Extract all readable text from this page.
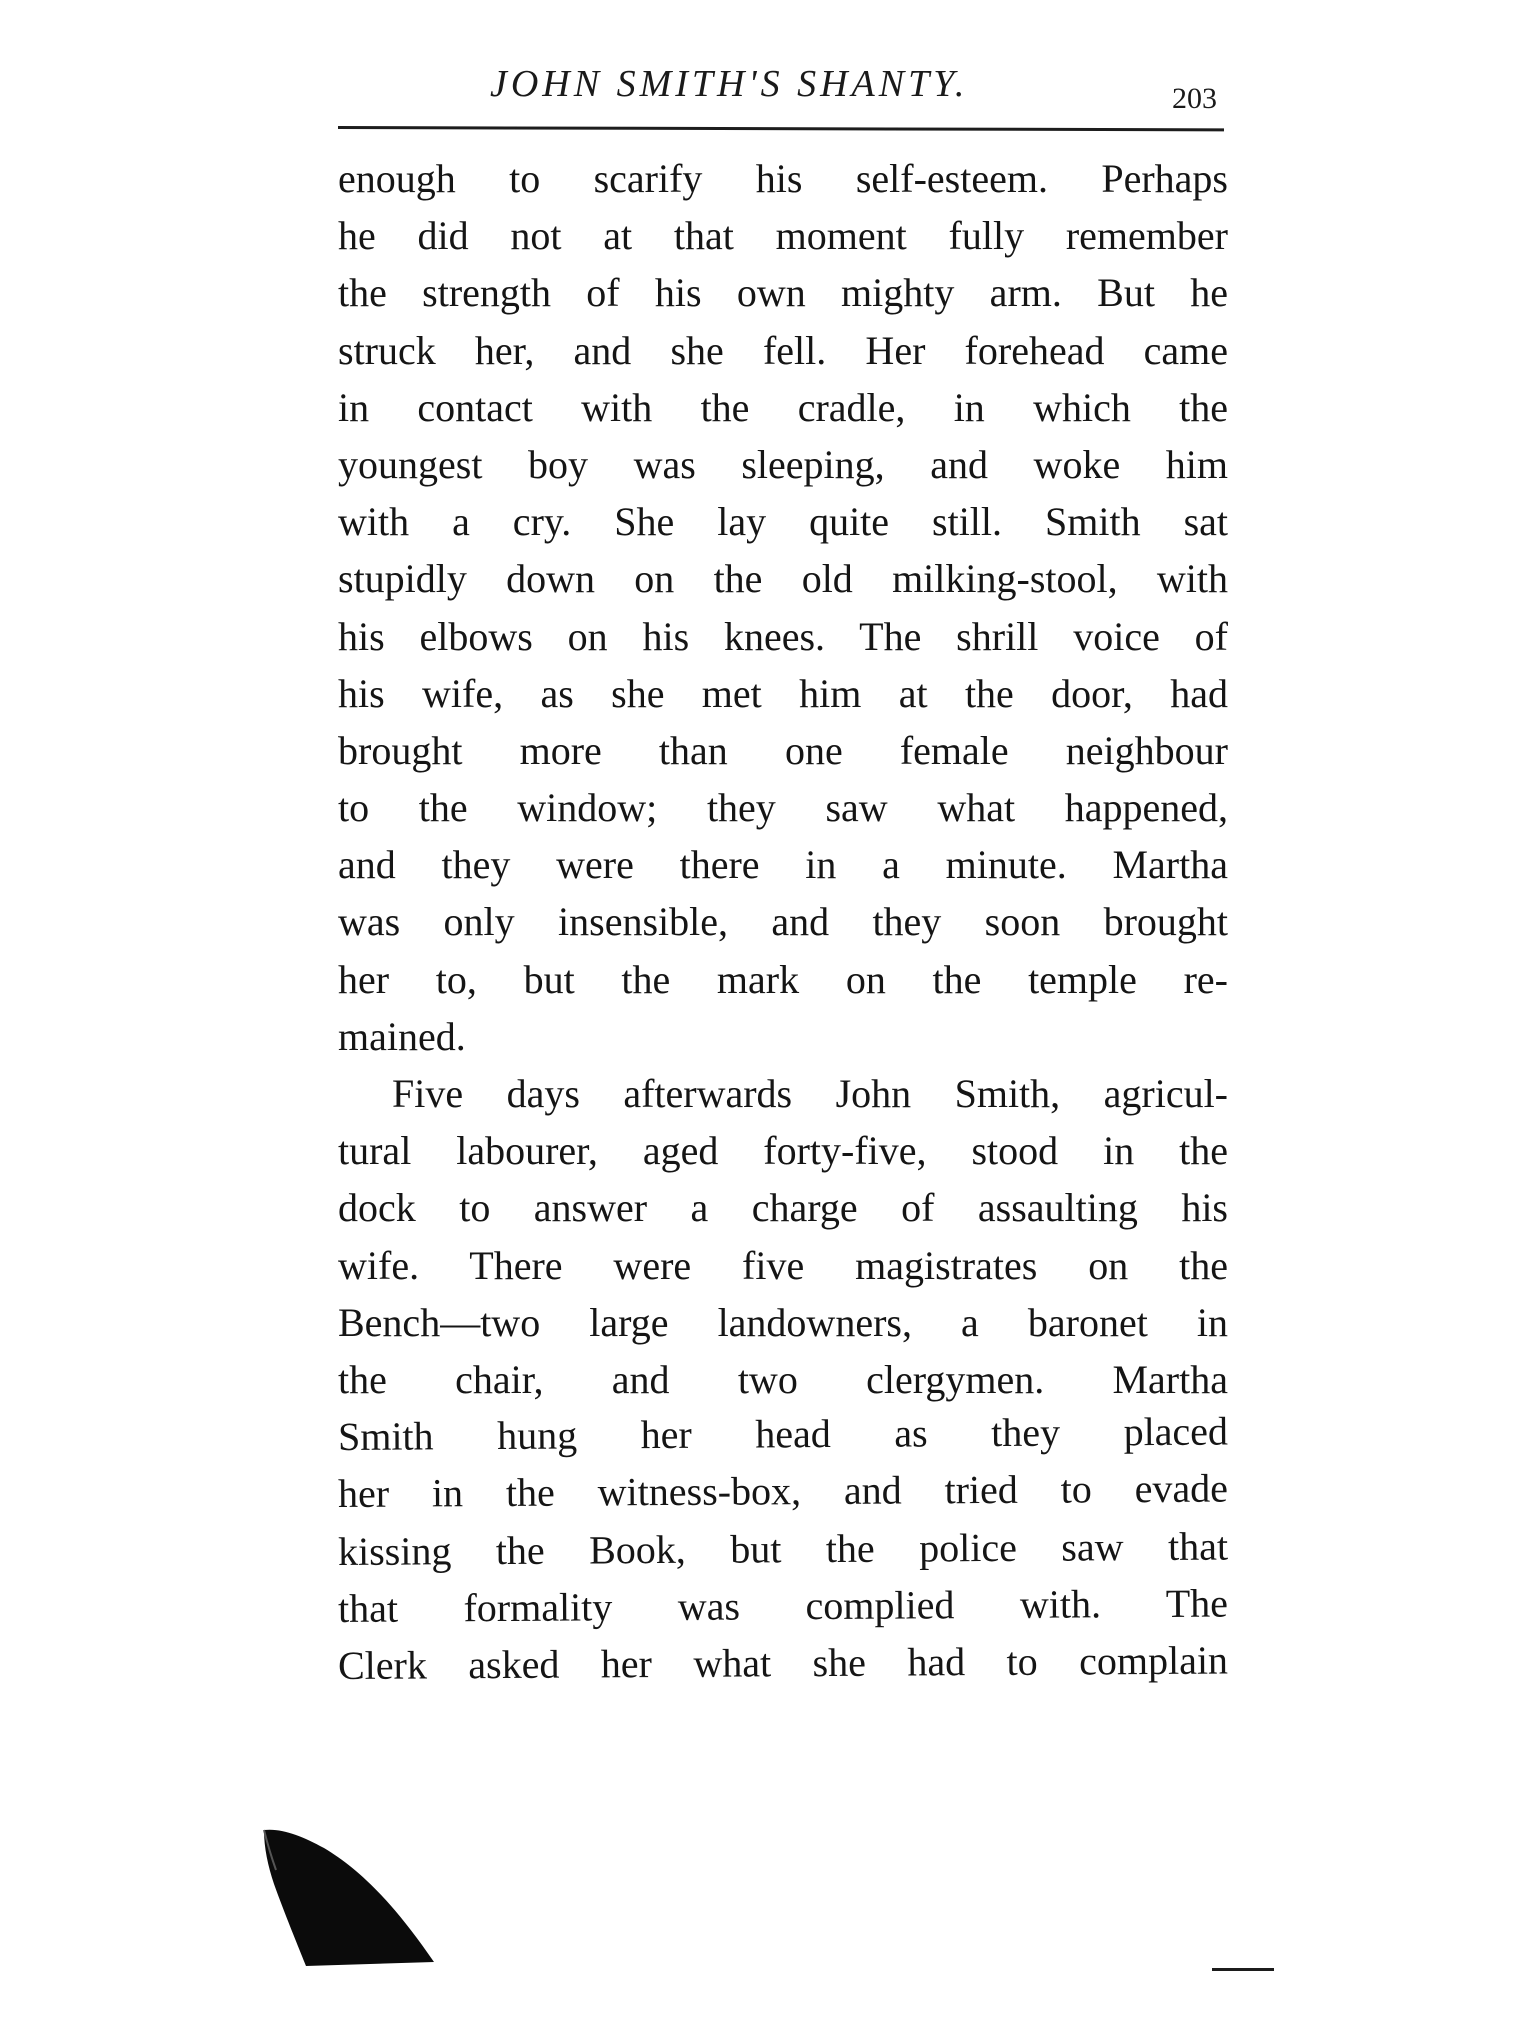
JOHN SMITH'S SHANTY.	203
enough to scarify his self-esteem. Perhaps
he did not at that moment fully remember
the strength of his own mighty arm. But he
struck her, and she fell. Her forehead came
in contact with the cradle, in which the
youngest boy was sleeping, and woke him
with a cry. She lay quite still. Smith sat
stupidly down on the old milking-stool, with
his elbows on his knees. The shrill voice of
his wife, as she met him at the door, had
brought more than one female neighbour
to the window; they saw what happened,
and they were there in a minute. Martha
was only insensible, and they soon brought
her to, but the mark on the temple re-
mained.
Five days afterwards John Smith, agricul-
tural labourer, aged forty-five, stood in the
dock to answer a charge of assaulting his
wife. There were five magistrates on the
Bench—two large landowners, a baronet in
the chair, and two clergymen. Martha
Smith hung her head as they placed
her in the witness-box, and tried to evade
kissing the Book, but the police saw that
that formality was complied with. The
Clerk asked her what she had to complain
